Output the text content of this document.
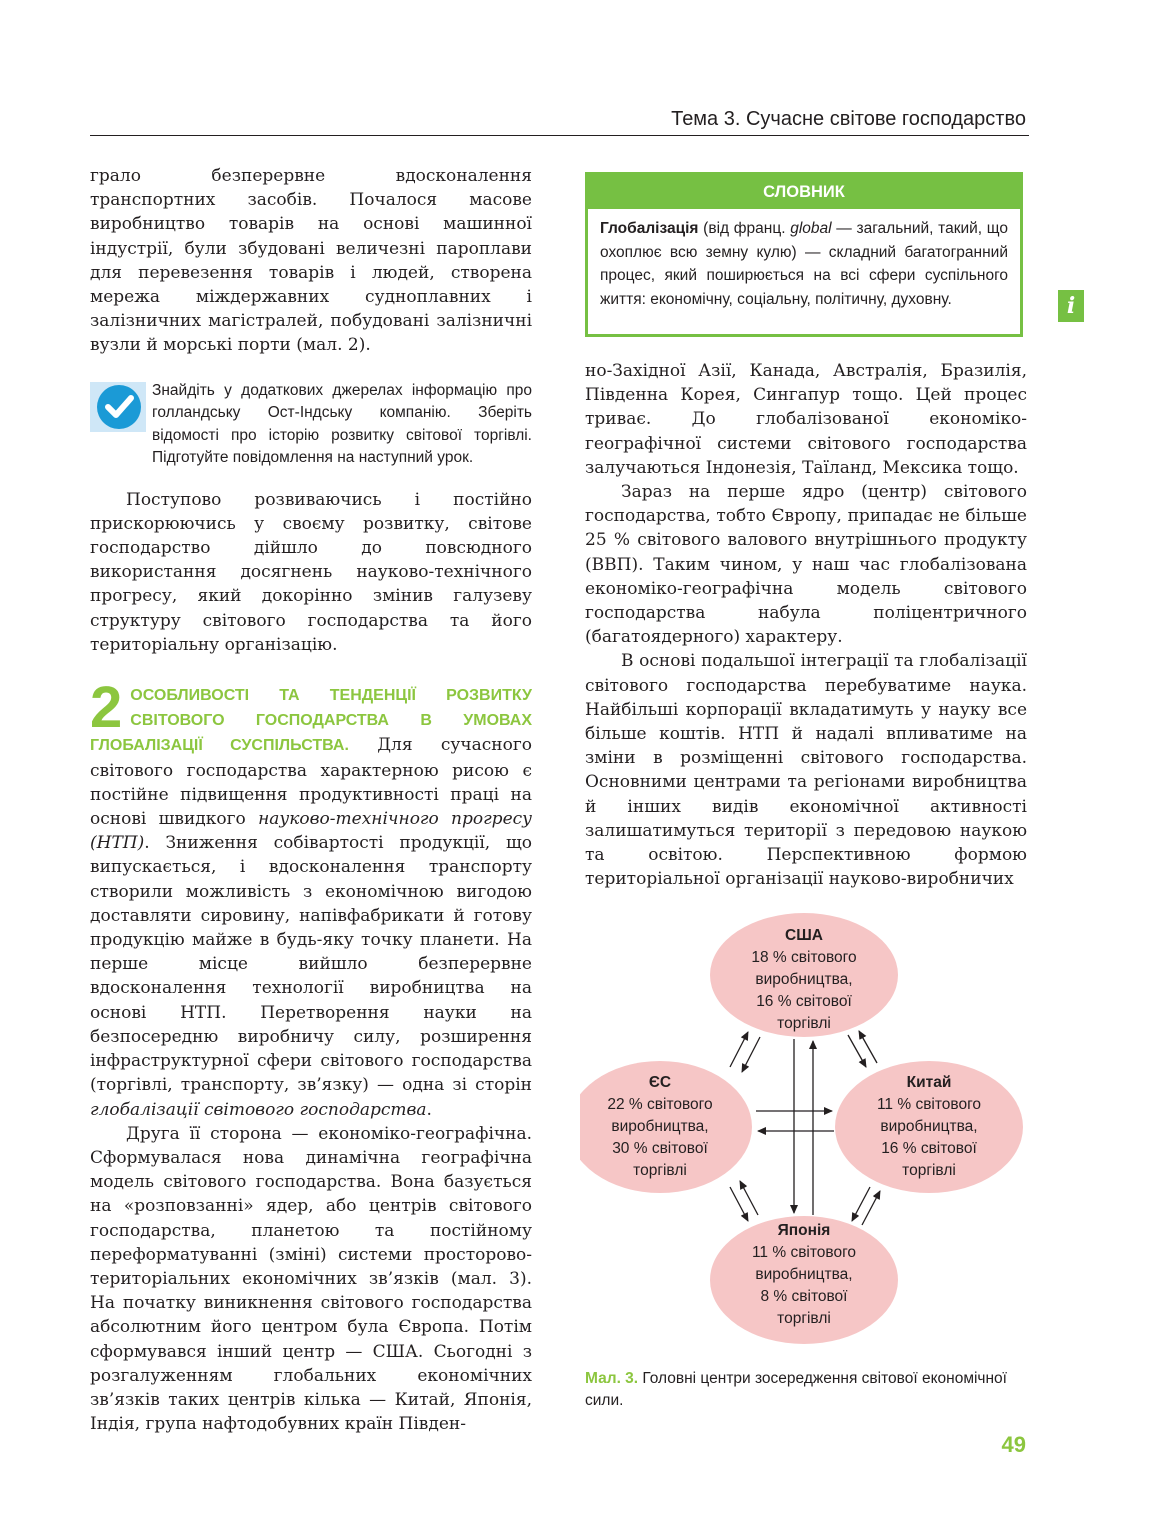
Тема 3. Сучасне світове господарство
i

грало безперервне вдосконалення транспортних засобів. Почалося масове виробництво товарів на основі машинної індустрії, були збудовані величезні пароплави для перевезення товарів і людей, створена мережа міждержавних судноплавних і залізничних магістралей, побудовані залізничні вузли й морські порти (мал. 2).

Знайдіть у додаткових джерелах інформацію про голландську Ост-Індську компанію. Зберіть відомості про історію розвитку світової торгівлі. Підготуйте повідомлення на наступний урок.

Поступово розвиваючись і постійно прискорюючись у своєму розвитку, світове господарство дійшло до повсюдного використання досягнень науково-технічного прогресу, який докорінно змінив галузеву структуру світового господарства та його територіальну організацію.

2 ОСОБЛИВОСТІ ТА ТЕНДЕНЦІЇ РОЗВИТКУ СВІТОВОГО ГОСПОДАРСТВА В УМОВАХ ГЛОБАЛІЗАЦІЇ СУСПІЛЬСТВА. Для сучасного світового господарства характерною рисою є постійне підвищення продуктивності праці на основі швидкого науково-технічного прогресу (НТП). Зниження собівартості продукції, що випускається, і вдосконалення транспорту створили можливість з економічною вигодою доставляти сировину, напівфабрикати й готову продукцію майже в будь-яку точку планети. На перше місце вийшло безперервне вдосконалення технології виробництва на основі НТП. Перетворення науки на безпосередню виробничу силу, розширення інфраструктурної сфери світового господарства (торгівлі, транспорту, зв’язку) — одна зі сторін глобалізації світового господарства.

Друга її сторона — економіко-географічна. Сформувалася нова динамічна географічна модель світового господарства. Вона базується на «розповзанні» ядер, або центрів світового господарства, планетою та постійному переформатуванні (зміні) системи просторово-територіальних економічних зв’язків (мал. 3). На початку виникнення світового господарства абсолютним його центром була Європа. Потім сформувався інший центр — США. Сьогодні з розгалуженням глобальних економічних зв’язків таких центрів кілька — Китай, Японія, Індія, група нафтодобувних країн Півден-

СЛОВНИК
Глобалізація (від франц. global — загальний, такий, що охоплює всю земну кулю) — складний багатогранний процес, який поширюється на всі сфери суспільного життя: економічну, соціальну, політичну, духовну.

но-Західної Азії, Канада, Австралія, Бразилія, Південна Корея, Сингапур тощо. Цей процес триває. До глобалізованої економіко-географічної системи світового господарства залучаються Індонезія, Таїланд, Мексика тощо.

Зараз на перше ядро (центр) світового господарства, тобто Європу, припадає не більше 25 % світового валового внутрішнього продукту (ВВП). Таким чином, у наш час глобалізована економіко-географічна модель світового господарства набула поліцентричного (багатоядерного) характеру.

В основі подальшої інтеграції та глобалізації світового господарства перебуватиме наука. Найбільші корпорації вкладатимуть у науку все більше коштів. НТП й надалі впливатиме на зміни в розміщенні світового господарства. Основними центрами та регіонами виробництва й інших видів економічної активності залишатимуться території з передовою наукою та освітою. Перспективною формою територіальної організації науково-виробничих

США
18 % світового
виробництва,
16 % світової
торгівлі
ЄС
22 % світового
виробництва,
30 % світової
торгівлі
Китай
11 % світового
виробництва,
16 % світової
торгівлі
Японія
11 % світового
виробництва,
8 % світової
торгівлі
Мал. 3. Головні центри зосередження світової економічної сили.
49
